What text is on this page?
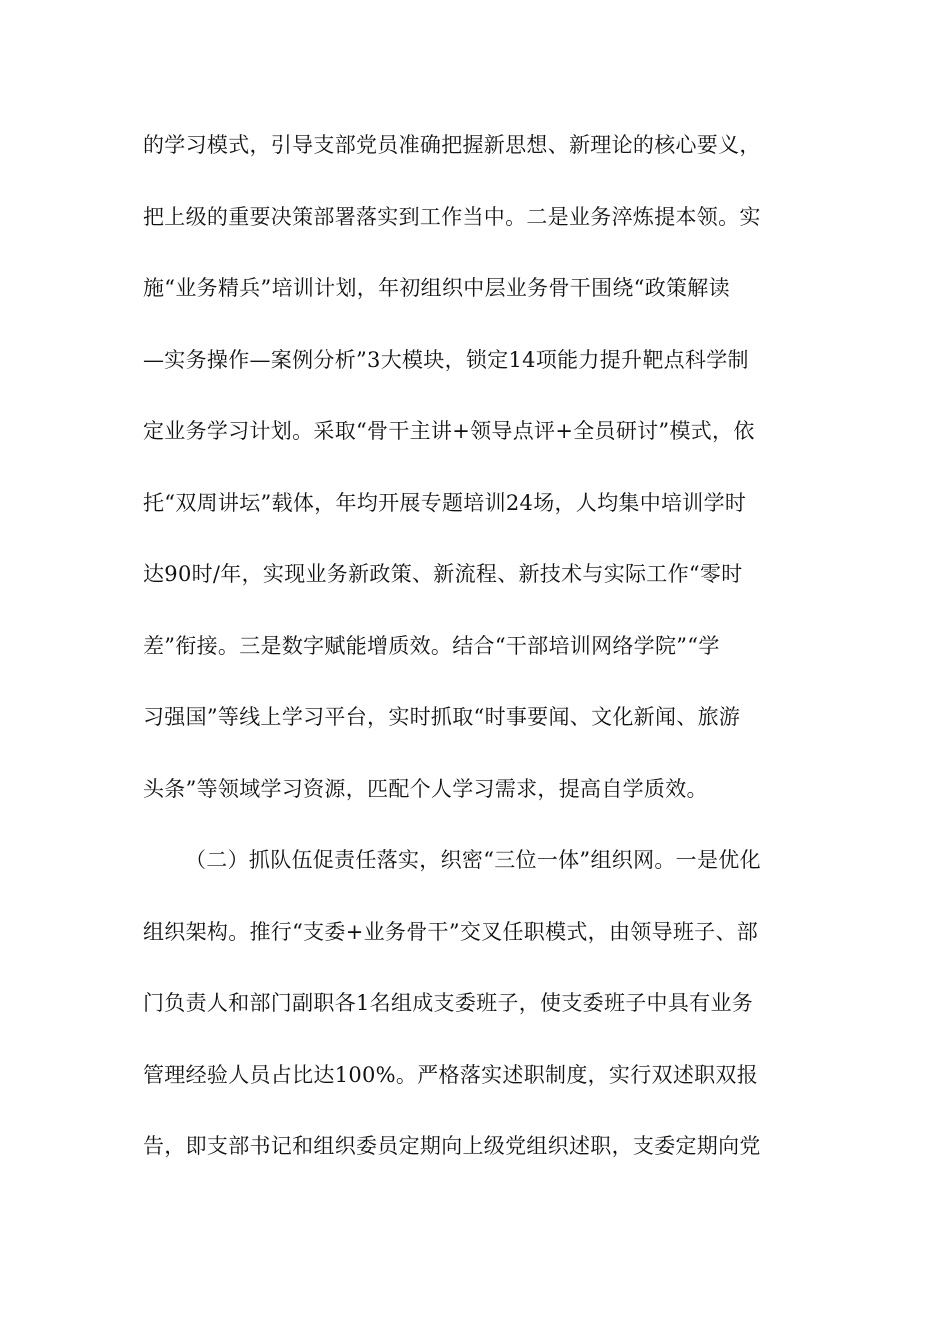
的学习模式，引导支部党员准确把握新思想、新理论的核心要义，
把上级的重要决策部署落实到工作当中。二是业务淬炼提本领。实
施“业务精兵”培训计划，年初组织中层业务骨干围绕“政策解读
—实务操作—案例分析”3大模块，锁定14项能力提升靶点科学制
定业务学习计划。采取“骨干主讲+领导点评+全员研讨”模式，依
托“双周讲坛”载体，年均开展专题培训24场，人均集中培训学时
达90时/年，实现业务新政策、新流程、新技术与实际工作“零时
差”衔接。三是数字赋能增质效。结合“干部培训网络学院”“学
习强国”等线上学习平台，实时抓取“时事要闻、文化新闻、旅游
头条”等领域学习资源，匹配个人学习需求，提高自学质效。
（二）抓队伍促责任落实，织密“三位一体”组织网。一是优化
组织架构。推行“支委+业务骨干”交叉任职模式，由领导班子、部
门负责人和部门副职各1名组成支委班子，使支委班子中具有业务
管理经验人员占比达100%。严格落实述职制度，实行双述职双报
告，即支部书记和组织委员定期向上级党组织述职，支委定期向党
